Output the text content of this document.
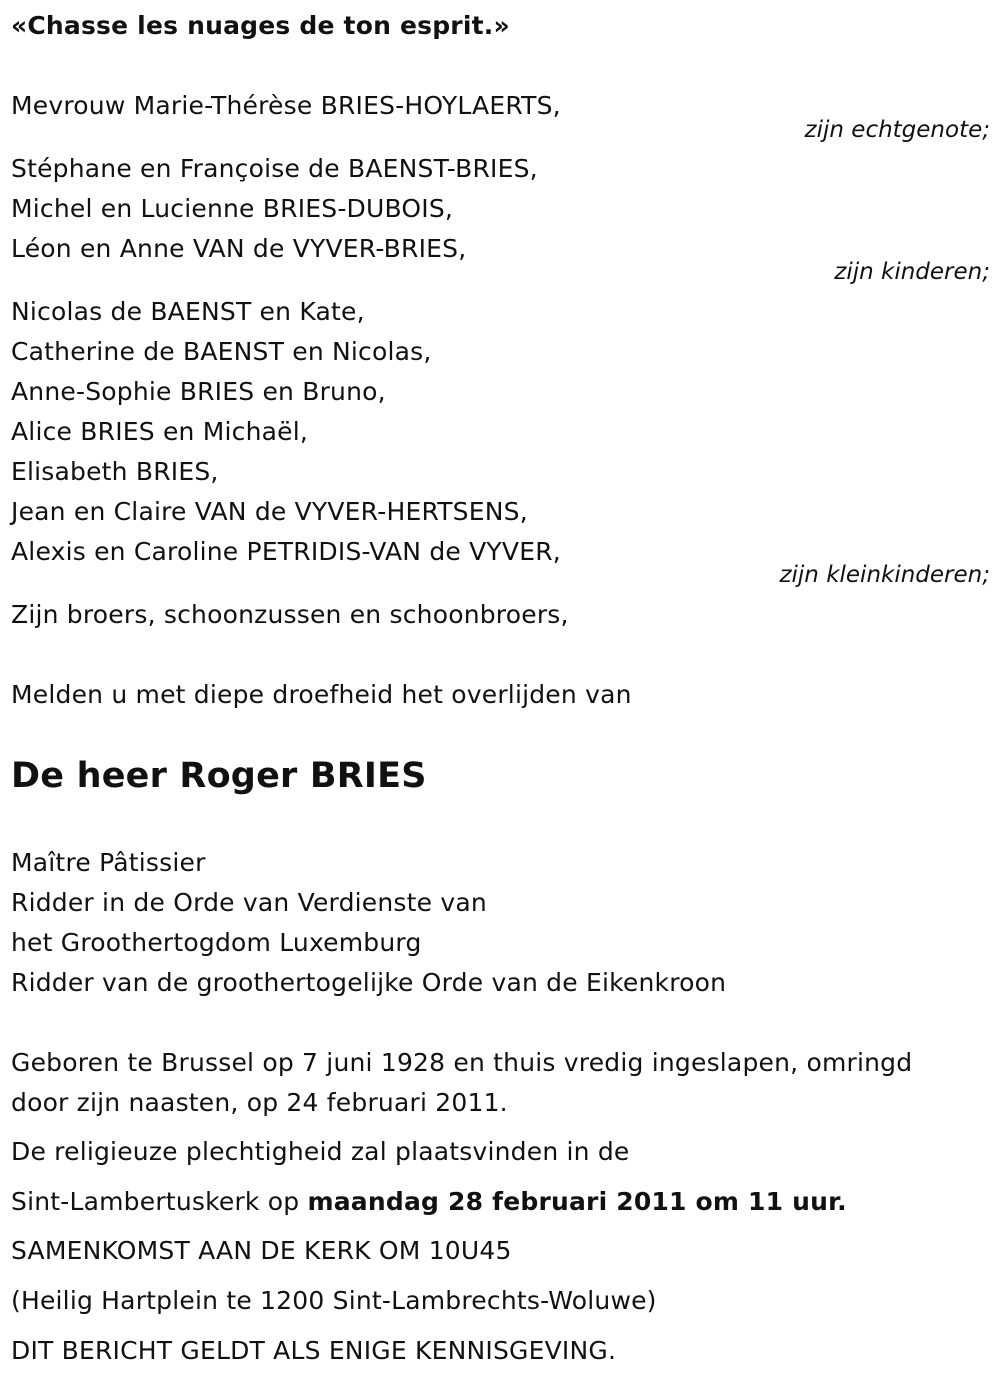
«Chasse les nuages de ton esprit.»
Mevrouw Marie-Thérèse BRIES-HOYLAERTS,
zijn echtgenote;
Stéphane en Françoise de BAENST-BRIES,
Michel en Lucienne BRIES-DUBOIS,
Léon en Anne VAN de VYVER-BRIES,
zijn kinderen;
Nicolas de BAENST en Kate,
Catherine de BAENST en Nicolas,
Anne-Sophie BRIES en Bruno,
Alice BRIES en Michaël,
Elisabeth BRIES,
Jean en Claire VAN de VYVER-HERTSENS,
Alexis en Caroline PETRIDIS-VAN de VYVER,
zijn kleinkinderen;
Zijn broers, schoonzussen en schoonbroers,
Melden u met diepe droefheid het overlijden van
De heer Roger BRIES
Maître Pâtissier
Ridder in de Orde van Verdienste van
het Groothertogdom Luxemburg
Ridder van de groothertogelijke Orde van de Eikenkroon
Geboren te Brussel op 7 juni 1928 en thuis vredig ingeslapen, omringd
door zijn naasten, op 24 februari 2011.
De religieuze plechtigheid zal plaatsvinden in de
Sint-Lambertuskerk op maandag 28 februari 2011 om 11 uur.
SAMENKOMST AAN DE KERK OM 10U45
(Heilig Hartplein te 1200 Sint-Lambrechts-Woluwe)
DIT BERICHT GELDT ALS ENIGE KENNISGEVING.
